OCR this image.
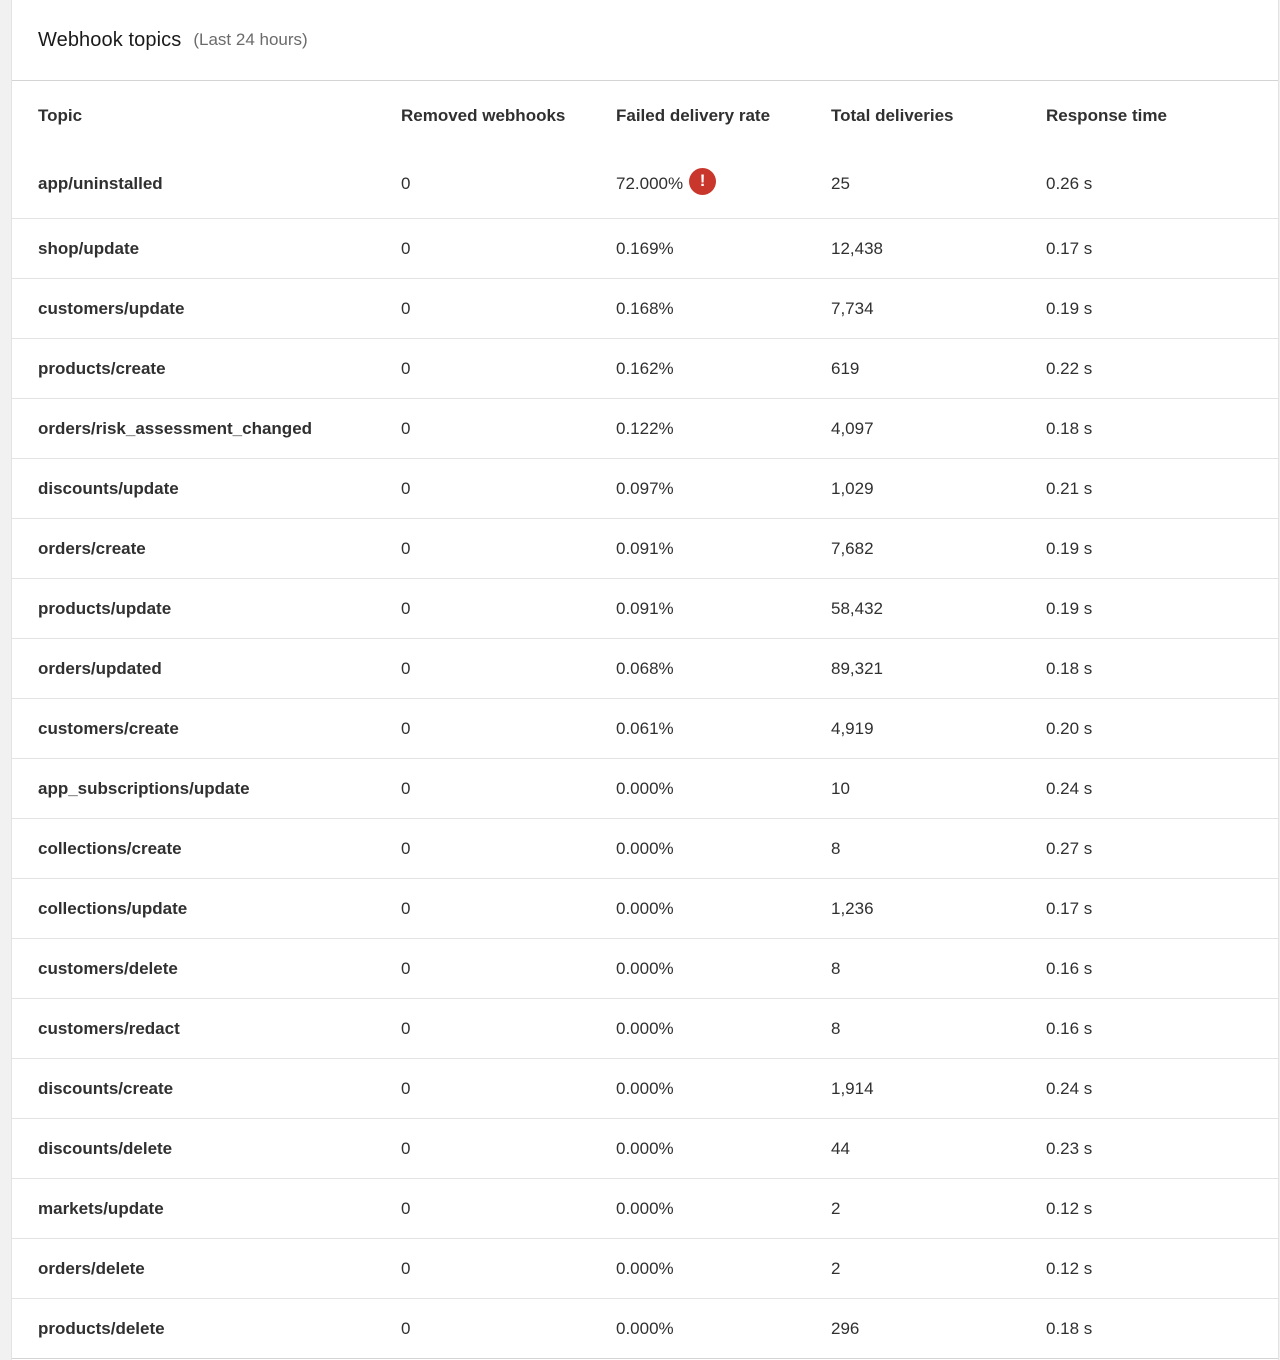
Webhook topics (Last 24 hours)
Topic	Removed webhooks	Failed delivery rate	Total deliveries	Response time
app/uninstalled	0	72.000% !	25	0.26 s
shop/update	0	0.169%	12,438	0.17 s
customers/update	0	0.168%	7,734	0.19 s
products/create	0	0.162%	619	0.22 s
orders/risk_assessment_changed	0	0.122%	4,097	0.18 s
discounts/update	0	0.097%	1,029	0.21 s
orders/create	0	0.091%	7,682	0.19 s
products/update	0	0.091%	58,432	0.19 s
orders/updated	0	0.068%	89,321	0.18 s
customers/create	0	0.061%	4,919	0.20 s
app_subscriptions/update	0	0.000%	10	0.24 s
collections/create	0	0.000%	8	0.27 s
collections/update	0	0.000%	1,236	0.17 s
customers/delete	0	0.000%	8	0.16 s
customers/redact	0	0.000%	8	0.16 s
discounts/create	0	0.000%	1,914	0.24 s
discounts/delete	0	0.000%	44	0.23 s
markets/update	0	0.000%	2	0.12 s
orders/delete	0	0.000%	2	0.12 s
products/delete	0	0.000%	296	0.18 s
